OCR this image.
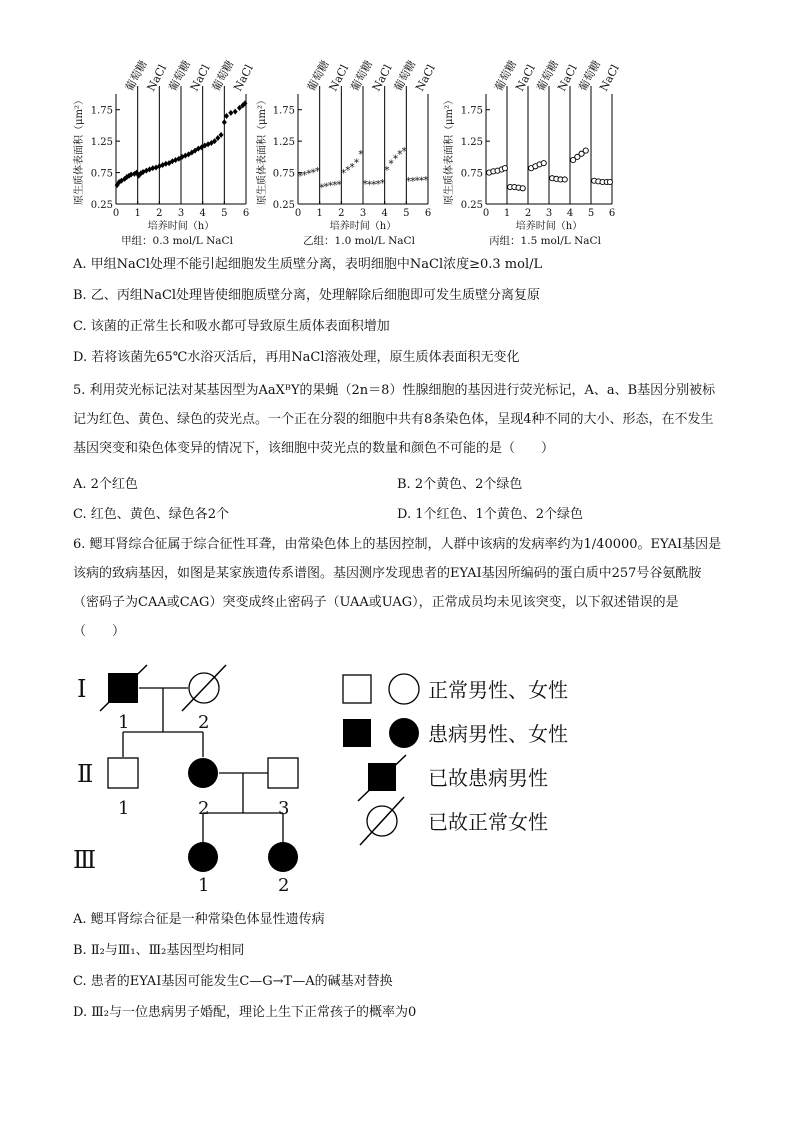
葡萄糖
NaCl
葡萄糖
NaCl
葡萄糖
NaCl
1.75
1.25
0.75
0.25
0 1 2 3 4 5 6
原生质体表面积（μm²）
培养时间（h）
甲组：0.3 mol/L NaCl
葡萄糖
NaCl
葡萄糖
NaCl
葡萄糖
NaCl
1.75
1.25
0.75
0.25
0 1 2 3 4 5 6
原生质体表面积（μm²）
培养时间（h）
乙组：1.0 mol/L NaCl
* * * * *
* * * * *
* * * *
*
* * * * *
*
* * * *
* * * * *
葡萄糖
NaCl
葡萄糖
NaCl
葡萄糖
NaCl
1.75
1.25
0.75
0.25
0 1 2 3 4 5 6
原生质体表面积（μm²）
培养时间（h）
丙组：1.5 mol/L NaCl
A. 甲组NaCl处理不能引起细胞发生质壁分离，表明细胞中NaCl浓度≥0.3 mol/L
B. 乙、丙组NaCl处理皆使细胞质壁分离，处理解除后细胞即可发生质壁分离复原
C. 该菌的正常生长和吸水都可导致原生质体表面积增加
D. 若将该菌先65℃水浴灭活后，再用NaCl溶液处理，原生质体表面积无变化
5. 利用荧光标记法对某基因型为AaXᴮY的果蝇（2n＝8）性腺细胞的基因进行荧光标记，A、a、B基因分别被标记为红色、黄色、绿色的荧光点。一个正在分裂的细胞中共有8条染色体，呈现4种不同的大小、形态，在不发生基因突变和染色体变异的情况下，该细胞中荧光点的数量和颜色不可能的是（　　）
A. 2个红色	B. 2个黄色、2个绿色
C. 红色、黄色、绿色各2个	D. 1个红色、1个黄色、2个绿色
6. 鳃耳肾综合征属于综合征性耳聋，由常染色体上的基因控制，人群中该病的发病率约为1/40000。EYAI基因是该病的致病基因，如图是某家族遗传系谱图。基因测序发现患者的EYAI基因所编码的蛋白质中257号谷氨酰胺（密码子为CAA或CAG）突变成终止密码子（UAA或UAG），正常成员均未见该突变，以下叙述错误的是（　　）
Ⅰ
Ⅱ
Ⅲ
1	2
1	2	3
1	2
正常男性、女性
患病男性、女性
已故患病男性
已故正常女性
A. 鳃耳肾综合征是一种常染色体显性遗传病
B. Ⅱ₂与Ⅲ₁、Ⅲ₂基因型均相同
C. 患者的EYAI基因可能发生C—G→T—A的碱基对替换
D. Ⅲ₂与一位患病男子婚配，理论上生下正常孩子的概率为0
